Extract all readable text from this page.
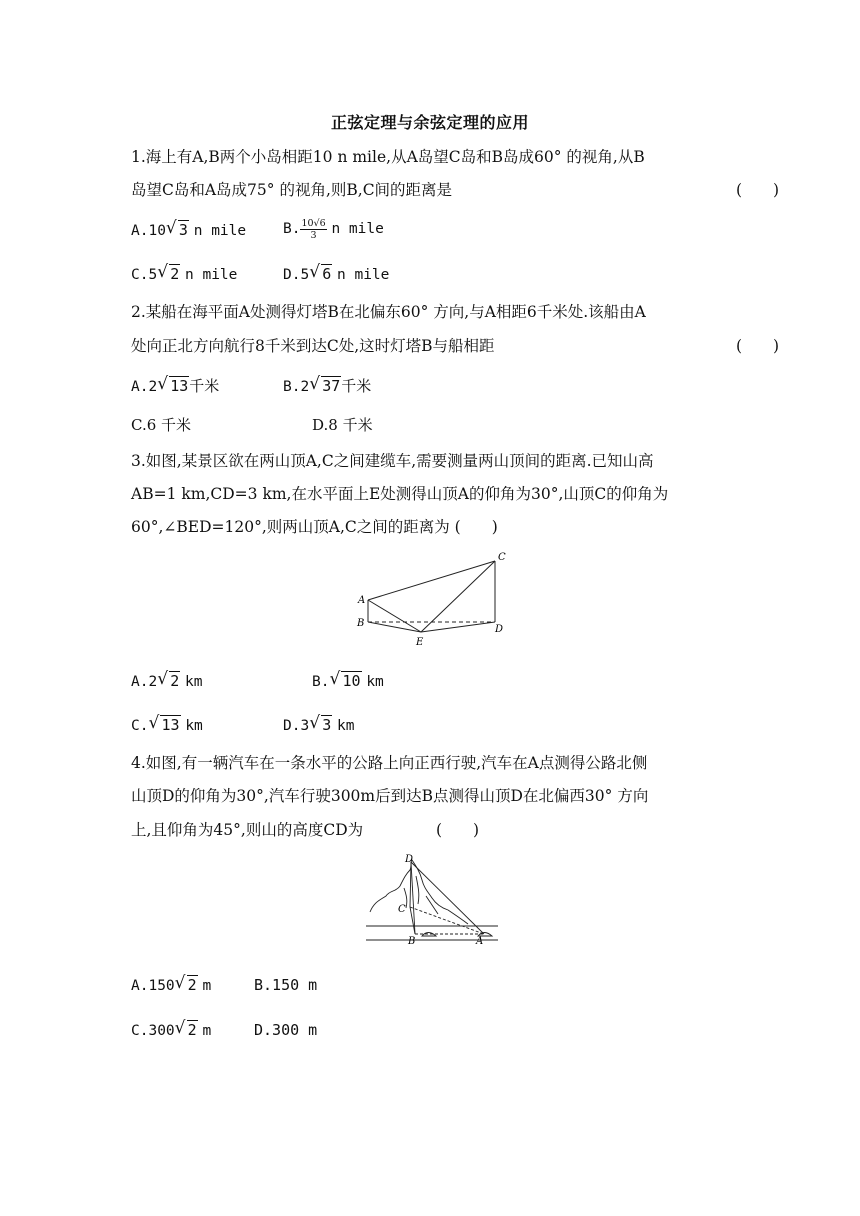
正弦定理与余弦定理的应用
1.海上有A,B两个小岛相距10 n mile,从A岛望C岛和B岛成60° 的视角,从B
岛望C岛和A岛成75° 的视角,则B,C间的距离是	(　　)
A.10 √ 3 n mile	B. $\frac{10√6}{3}$ n mile
C.5 √ 2 n mile	D.5 √ 6 n mile
2.某船在海平面A处测得灯塔B在北偏东60° 方向,与A相距6千米处.该船由A
处向正北方向航行8千米到达C处,这时灯塔B与船相距	(　　)
A.2 √ 13千米	B.2 √ 37千米
C.6 千米	D.8 千米
3.如图,某景区欲在两山顶A,C之间建缆车,需要测量两山顶间的距离.已知山高
AB=1 km,CD=3 km,在水平面上E处测得山顶A的仰角为30°,山顶C的仰角为
60°,∠BED=120°,则两山顶A,C之间的距离为 (　　)
A
B
C
D
E
A.2 √ 2 km	B. √ 10 km
C. √ 13 km	D.3 √ 3 km
4.如图,有一辆汽车在一条水平的公路上向正西行驶,汽车在A点测得公路北侧
山顶D的仰角为30°,汽车行驶300m后到达B点测得山顶D在北偏西30° 方向
上,且仰角为45°,则山的高度CD为	(　　)
D
C
B	A
A.150 √ 2 m	B.150 m
C.300 √ 2 m	D.300 m
